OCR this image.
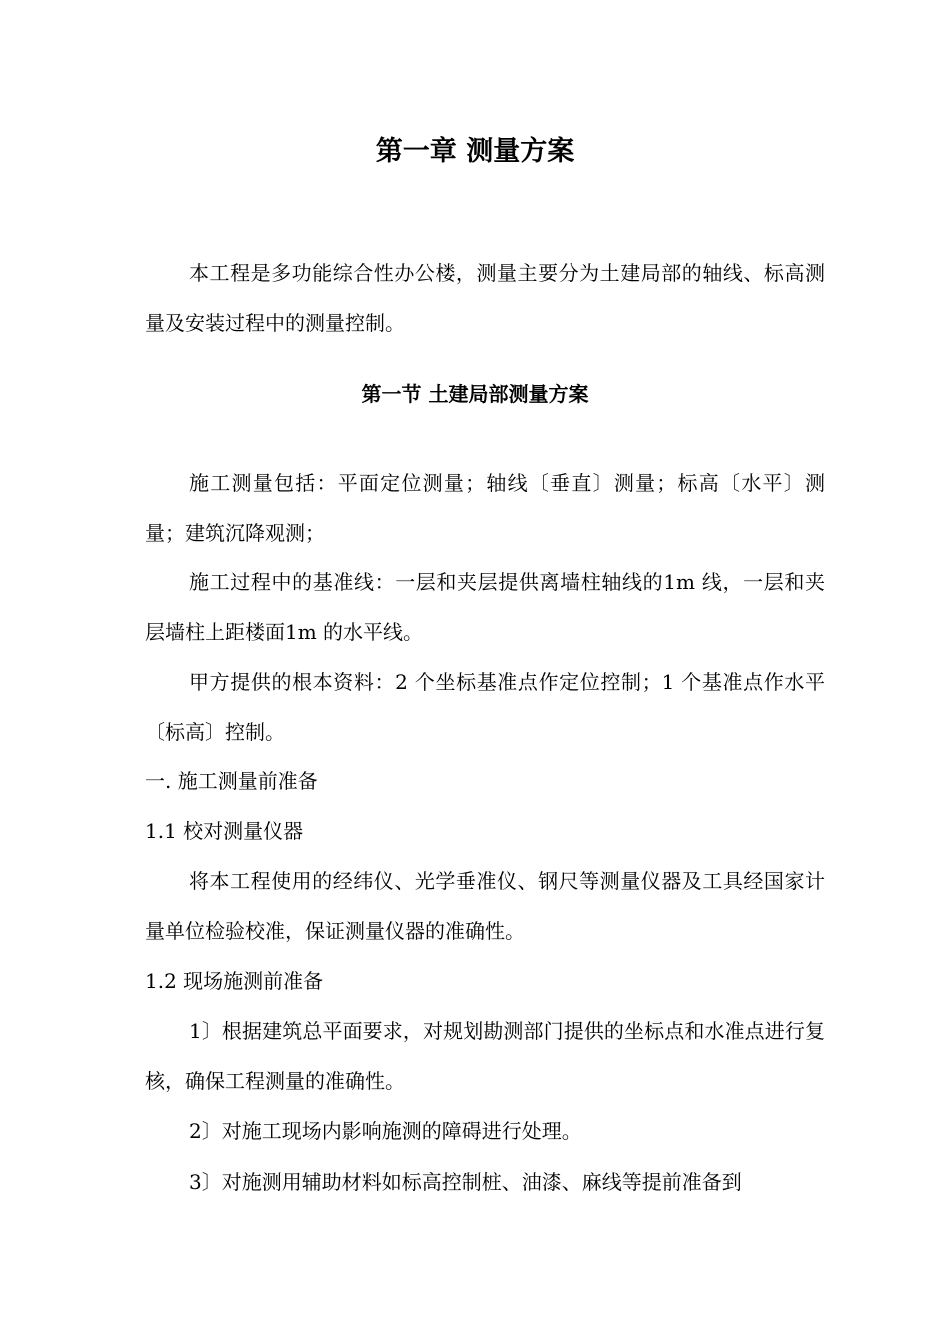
第一章 测量方案

本工程是多功能综合性办公楼，测量主要分为土建局部的轴线、标高测量及安装过程中的测量控制。

第一节 土建局部测量方案

施工测量包括：平面定位测量；轴线〔垂直〕测量；标高〔水平〕测量；建筑沉降观测；

施工过程中的基准线：一层和夹层提供离墙柱轴线的1m 线，一层和夹层墙柱上距楼面1m 的水平线。

甲方提供的根本资料：2 个坐标基准点作定位控制；1 个基准点作水平〔标高〕控制。

一. 施工测量前准备

1.1 校对测量仪器

将本工程使用的经纬仪、光学垂准仪、钢尺等测量仪器及工具经国家计量单位检验校准，保证测量仪器的准确性。

1.2 现场施测前准备

1〕根据建筑总平面要求，对规划勘测部门提供的坐标点和水准点进行复核，确保工程测量的准确性。

2〕对施工现场内影响施测的障碍进行处理。

3〕对施测用辅助材料如标高控制桩、油漆、麻线等提前准备到
